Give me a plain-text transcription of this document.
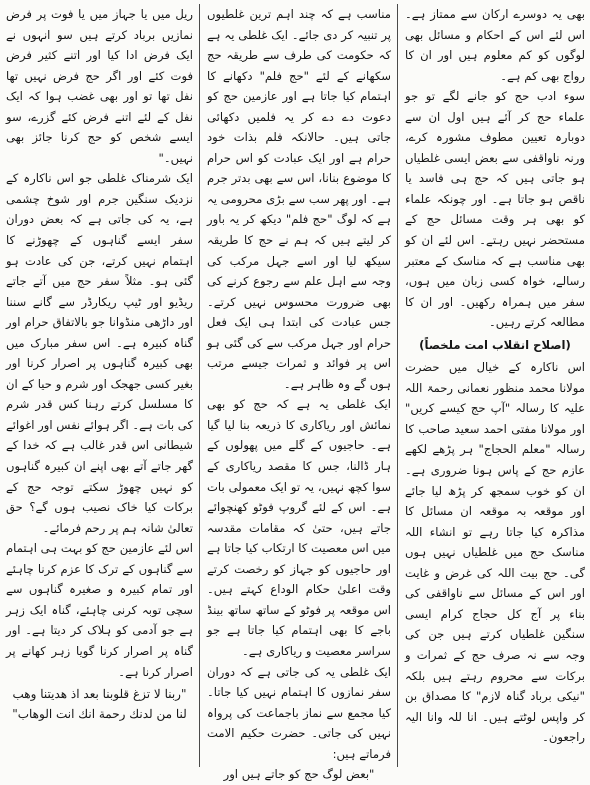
بھی یہ دوسرے ارکان سے ممتاز ہے۔ اس لئے اس کے احکام و مسائل بھی لوگوں کو کم معلوم ہیں اور ان کا رواج بھی کم ہے۔

سوء ادب حج کو جانے لگے تو جو علماء حج کر آئے ہیں اول ان سے دوبارہ تعیین مطوف مشورہ کرے، ورنہ ناواقفی سے بعض ایسی غلطیاں ہو جاتی ہیں کہ حج ہی فاسد یا ناقص ہو جاتا ہے۔ اور چونکہ علماء کو بھی ہر وقت مسائل حج کے مستحضر نہیں رہتے۔ اس لئے ان کو بھی مناسب ہے کہ مناسک کے معتبر رسالے، خواہ کسی زبان میں ہوں، سفر میں ہمراہ رکھیں۔ اور ان کا مطالعہ کرتے رہیں۔

(اصلاح انقلاب امت ملخصاً)

اس ناکارہ کے خیال میں حضرت مولانا محمد منظور نعمانی رحمۃ اللہ علیہ کا رسالہ "آپ حج کیسے کریں" اور مولانا مفتی احمد سعید صاحب کا رسالہ "معلم الحجاج" ہر پڑھے لکھے عازم حج کے پاس ہونا ضروری ہے۔ ان کو خوب سمجھ کر پڑھ لیا جائے اور موقعہ بہ موقعہ ان مسائل کا مذاکرہ کیا جاتا رہے تو انشاء اللہ مناسک حج میں غلطیاں نہیں ہوں گی۔ حج بیت اللہ کی غرض و غایت اور اس کے مسائل سے ناواقفی کی بناء پر آج کل حجاج کرام ایسی سنگین غلطیاں کرتے ہیں جن کی وجہ سے نہ صرف حج کے ثمرات و برکات سے محروم رہتے ہیں بلکہ "نیکی برباد گناہ لازم" کا مصداق بن کر واپس لوٹتے ہیں۔ انا للہ وانا الیہ راجعون۔

مناسب ہے کہ چند اہم ترین غلطیوں پر تنبیہ کر دی جائے۔ ایک غلطی یہ ہے کہ حکومت کی طرف سے طریقہ حج سکھانے کے لئے "حج فلم" دکھانے کا اہتمام کیا جاتا ہے اور عازمین حج کو دعوت دے دے کر یہ فلمیں دکھائی جاتی ہیں۔ حالانکہ فلم بذات خود حرام ہے اور ایک عبادت کو اس حرام کا موضوع بنانا، اس سے بھی بدتر جرم ہے۔ اور پھر سب سے بڑی محرومی یہ ہے کہ لوگ "حج فلم" دیکھ کر یہ باور کر لیتے ہیں کہ ہم نے حج کا طریقہ سیکھ لیا اور اسے جہل مرکب کی وجہ سے اہل علم سے رجوع کرنے کی بھی ضرورت محسوس نہیں کرتے۔ جس عبادت کی ابتدا ہی ایک فعل حرام اور جہل مرکب سے کی گئی ہو اس پر فوائد و ثمرات جیسے مرتب ہوں گے وہ ظاہر ہے۔

ایک غلطی یہ ہے کہ حج کو بھی نمائش اور ریاکاری کا ذریعہ بنا لیا گیا ہے۔ حاجیوں کے گلے میں پھولوں کے ہار ڈالنا، جس کا مقصد ریاکاری کے سوا کچھ نہیں، یہ تو ایک معمولی بات ہے۔ اس کے لئے گروپ فوٹو کھنچوائے جاتے ہیں، حتیٰ کہ مقامات مقدسہ میں اس معصیت کا ارتکاب کیا جاتا ہے اور حاجیوں کو جہاز کو رخصت کرتے وقت اعلیٰ حکام الوداع کہتے ہیں۔ اس موقعہ پر فوٹو کے ساتھ ساتھ بینڈ باجے کا بھی اہتمام کیا جاتا ہے جو سراسر معصیت و ریاکاری ہے۔

ایک غلطی یہ کی جاتی ہے کہ دوران سفر نمازوں کا اہتمام نہیں کیا جاتا۔ کیا مجمع سے نماز باجماعت کی پرواہ نہیں کی جاتی۔ حضرت حکیم الامت فرماتے ہیں:

"بعض لوگ حج کو جاتے ہیں اور

ریل میں یا جہاز میں یا فوت پر فرض نمازیں برباد کرتے ہیں سو انہوں نے ایک فرض ادا کیا اور اتنے کثیر فرض فوت کئے اور اگر حج فرض نہیں تھا نفل تھا تو اور بھی غضب ہوا کہ ایک نفل کے لئے اتنے فرض کئے گزرے، سو ایسے شخص کو حج کرنا جائز بھی نہیں۔"

ایک شرمناک غلطی جو اس ناکارہ کے نزدیک سنگین جرم اور شوخ چشمی ہے، یہ کی جاتی ہے کہ بعض دوران سفر ایسے گناہوں کے چھوڑنے کا اہتمام نہیں کرتے، جن کی عادت ہو گئی ہو۔ مثلاً سفر حج میں آتے جاتے ریڈیو اور ٹیپ ریکارڈر سے گانے سننا اور داڑھی منڈوانا جو بالاتفاق حرام اور گناہ کبیرہ ہے۔ اس سفر مبارک میں بھی کبیرہ گناہوں پر اصرار کرنا اور بغیر کسی جھجک اور شرم و حیا کے ان کا مسلسل کرتے رہنا کس قدر شرم کی بات ہے۔ اگر ہوائے نفس اور اغوائے شیطانی اس قدر غالب ہے کہ خدا کے گھر جاتے آتے بھی اپنے ان کبیرہ گناہوں کو نہیں چھوڑ سکتے توجہ حج کے برکات کیا خاک نصیب ہوں گے؟ حق تعالیٰ شانہ ہم پر رحم فرمائے۔

اس لئے عازمین حج کو بہت ہی اہتمام سے گناہوں کے ترک کا عزم کرنا چاہئے اور تمام کبیرہ و صغیرہ گناہوں سے سچی توبہ کرنی چاہئے، گناہ ایک زہر ہے جو آدمی کو ہلاک کر دیتا ہے۔ اور گناہ پر اصرار کرنا گویا زہر کھانے پر اصرار کرنا ہے۔

"ربنا لا تزغ قلوبنا بعد اذ هديتنا وهب لنا من لدنك رحمة انك انت الوهاب"
